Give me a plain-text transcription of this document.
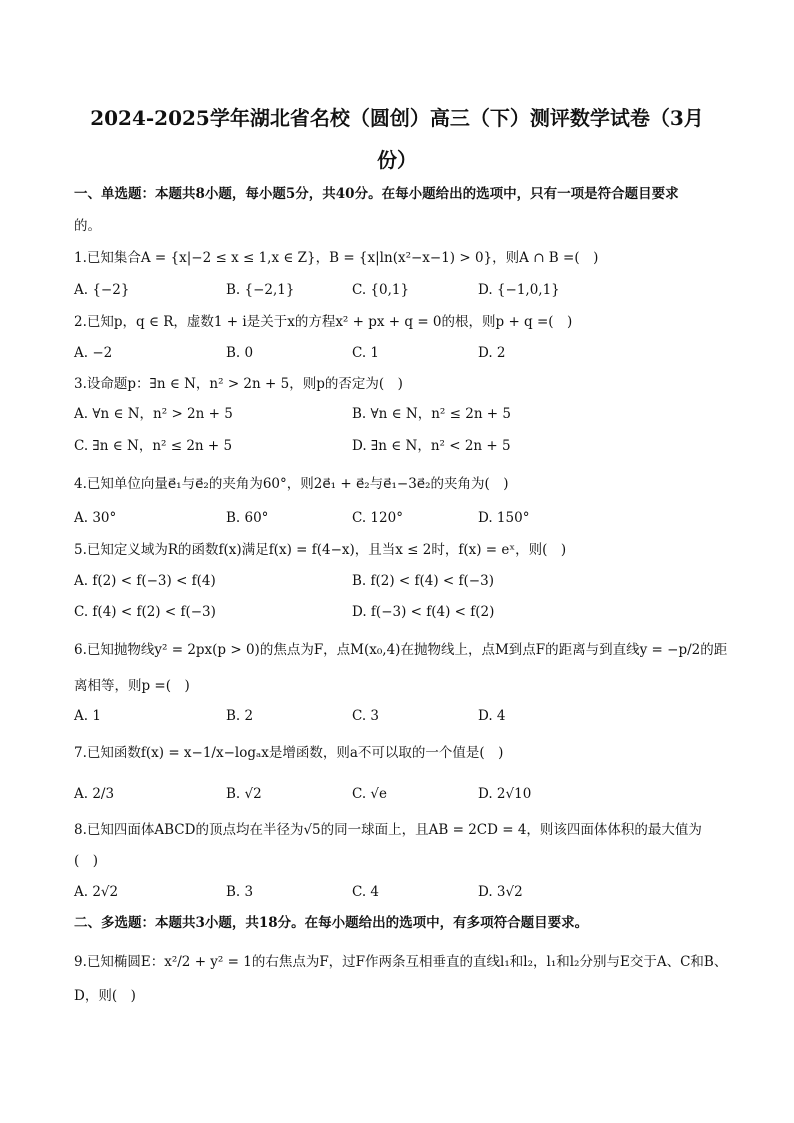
2024-2025学年湖北省名校（圆创）高三（下）测评数学试卷（3月
份）
一、单选题：本题共8小题，每小题5分，共40分。在每小题给出的选项中，只有一项是符合题目要求
的。
1.已知集合A = {x|−2 ≤ x ≤ 1,x ∈ Z}，B = {x|ln(x²−x−1) > 0}，则A ∩ B =(　)
A. {−2}	B. {−2,1}	C. {0,1}	D. {−1,0,1}
2.已知p，q ∈ R，虚数1 + i是关于x的方程x² + px + q = 0的根，则p + q =(　)
A. −2	B. 0	C. 1	D. 2
3.设命题p：∃n ∈ N，n² > 2n + 5，则p的否定为(　)
A. ∀n ∈ N，n² > 2n + 5	B. ∀n ∈ N，n² ≤ 2n + 5
C. ∃n ∈ N，n² ≤ 2n + 5	D. ∃n ∈ N，n² < 2n + 5
4.已知单位向量e⃗₁与e⃗₂的夹角为60°，则2e⃗₁ + e⃗₂与e⃗₁−3e⃗₂的夹角为(　)
A. 30°	B. 60°	C. 120°	D. 150°
5.已知定义域为R的函数f(x)满足f(x) = f(4−x)，且当x ≤ 2时，f(x) = eˣ，则(　)
A. f(2) < f(−3) < f(4)	B. f(2) < f(4) < f(−3)
C. f(4) < f(2) < f(−3)	D. f(−3) < f(4) < f(2)
6.已知抛物线y² = 2px(p > 0)的焦点为F，点M(x₀,4)在抛物线上，点M到点F的距离与到直线y = −p/2的距
离相等，则p =(　)
A. 1	B. 2	C. 3	D. 4
7.已知函数f(x) = x−1/x−logₐx是增函数，则a不可以取的一个值是(　)
A. 2/3	B. √2	C. √e	D. 2√10
8.已知四面体ABCD的顶点均在半径为√5的同一球面上，且AB = 2CD = 4，则该四面体体积的最大值为
(　)
A. 2√2	B. 3	C. 4	D. 3√2
二、多选题：本题共3小题，共18分。在每小题给出的选项中，有多项符合题目要求。
9.已知椭圆E：x²/2 + y² = 1的右焦点为F，过F作两条互相垂直的直线l₁和l₂，l₁和l₂分别与E交于A、C和B、
D，则(　)
